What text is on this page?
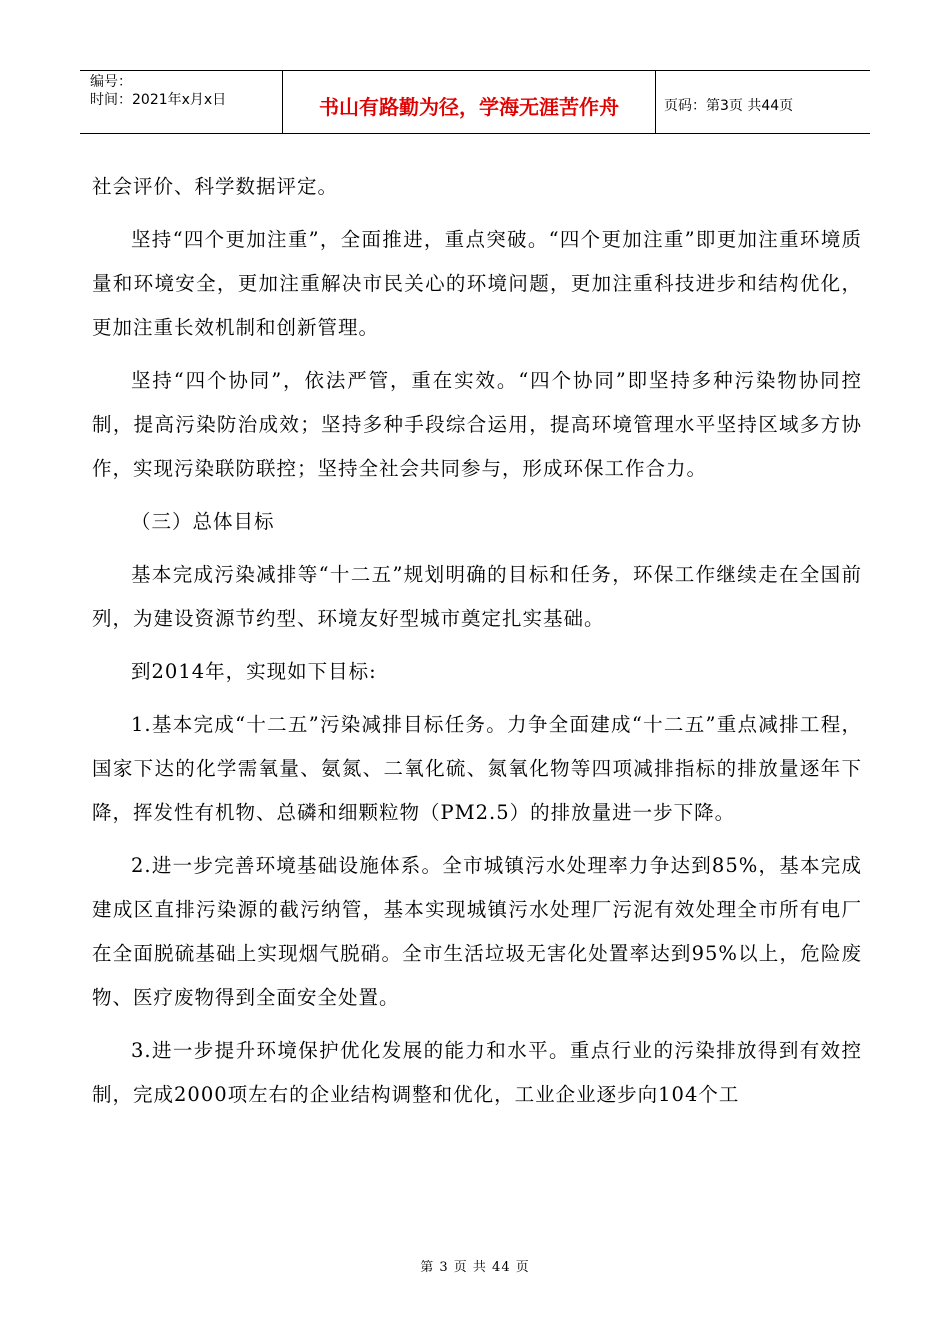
编号：
时间：2021年x月x日	书山有路勤为径，学海无涯苦作舟	页码：第3页 共44页

社会评价、科学数据评定。

坚持“四个更加注重”，全面推进，重点突破。“四个更加注重”即更加注重环境质量和环境安全，更加注重解决市民关心的环境问题，更加注重科技进步和结构优化，更加注重长效机制和创新管理。

坚持“四个协同”，依法严管，重在实效。“四个协同”即坚持多种污染物协同控制，提高污染防治成效；坚持多种手段综合运用，提高环境管理水平坚持区域多方协作，实现污染联防联控；坚持全社会共同参与，形成环保工作合力。

（三）总体目标

基本完成污染减排等“十二五”规划明确的目标和任务，环保工作继续走在全国前列，为建设资源节约型、环境友好型城市奠定扎实基础。

到2014年，实现如下目标:

1.基本完成“十二五”污染减排目标任务。力争全面建成“十二五”重点减排工程，国家下达的化学需氧量、氨氮、二氧化硫、氮氧化物等四项减排指标的排放量逐年下降，挥发性有机物、总磷和细颗粒物（PM2.5）的排放量进一步下降。

2.进一步完善环境基础设施体系。全市城镇污水处理率力争达到85%，基本完成建成区直排污染源的截污纳管，基本实现城镇污水处理厂污泥有效处理全市所有电厂在全面脱硫基础上实现烟气脱硝。全市生活垃圾无害化处置率达到95%以上，危险废物、医疗废物得到全面安全处置。

3.进一步提升环境保护优化发展的能力和水平。重点行业的污染排放得到有效控制，完成2000项左右的企业结构调整和优化，工业企业逐步向104个工

第 3 页 共 44 页
